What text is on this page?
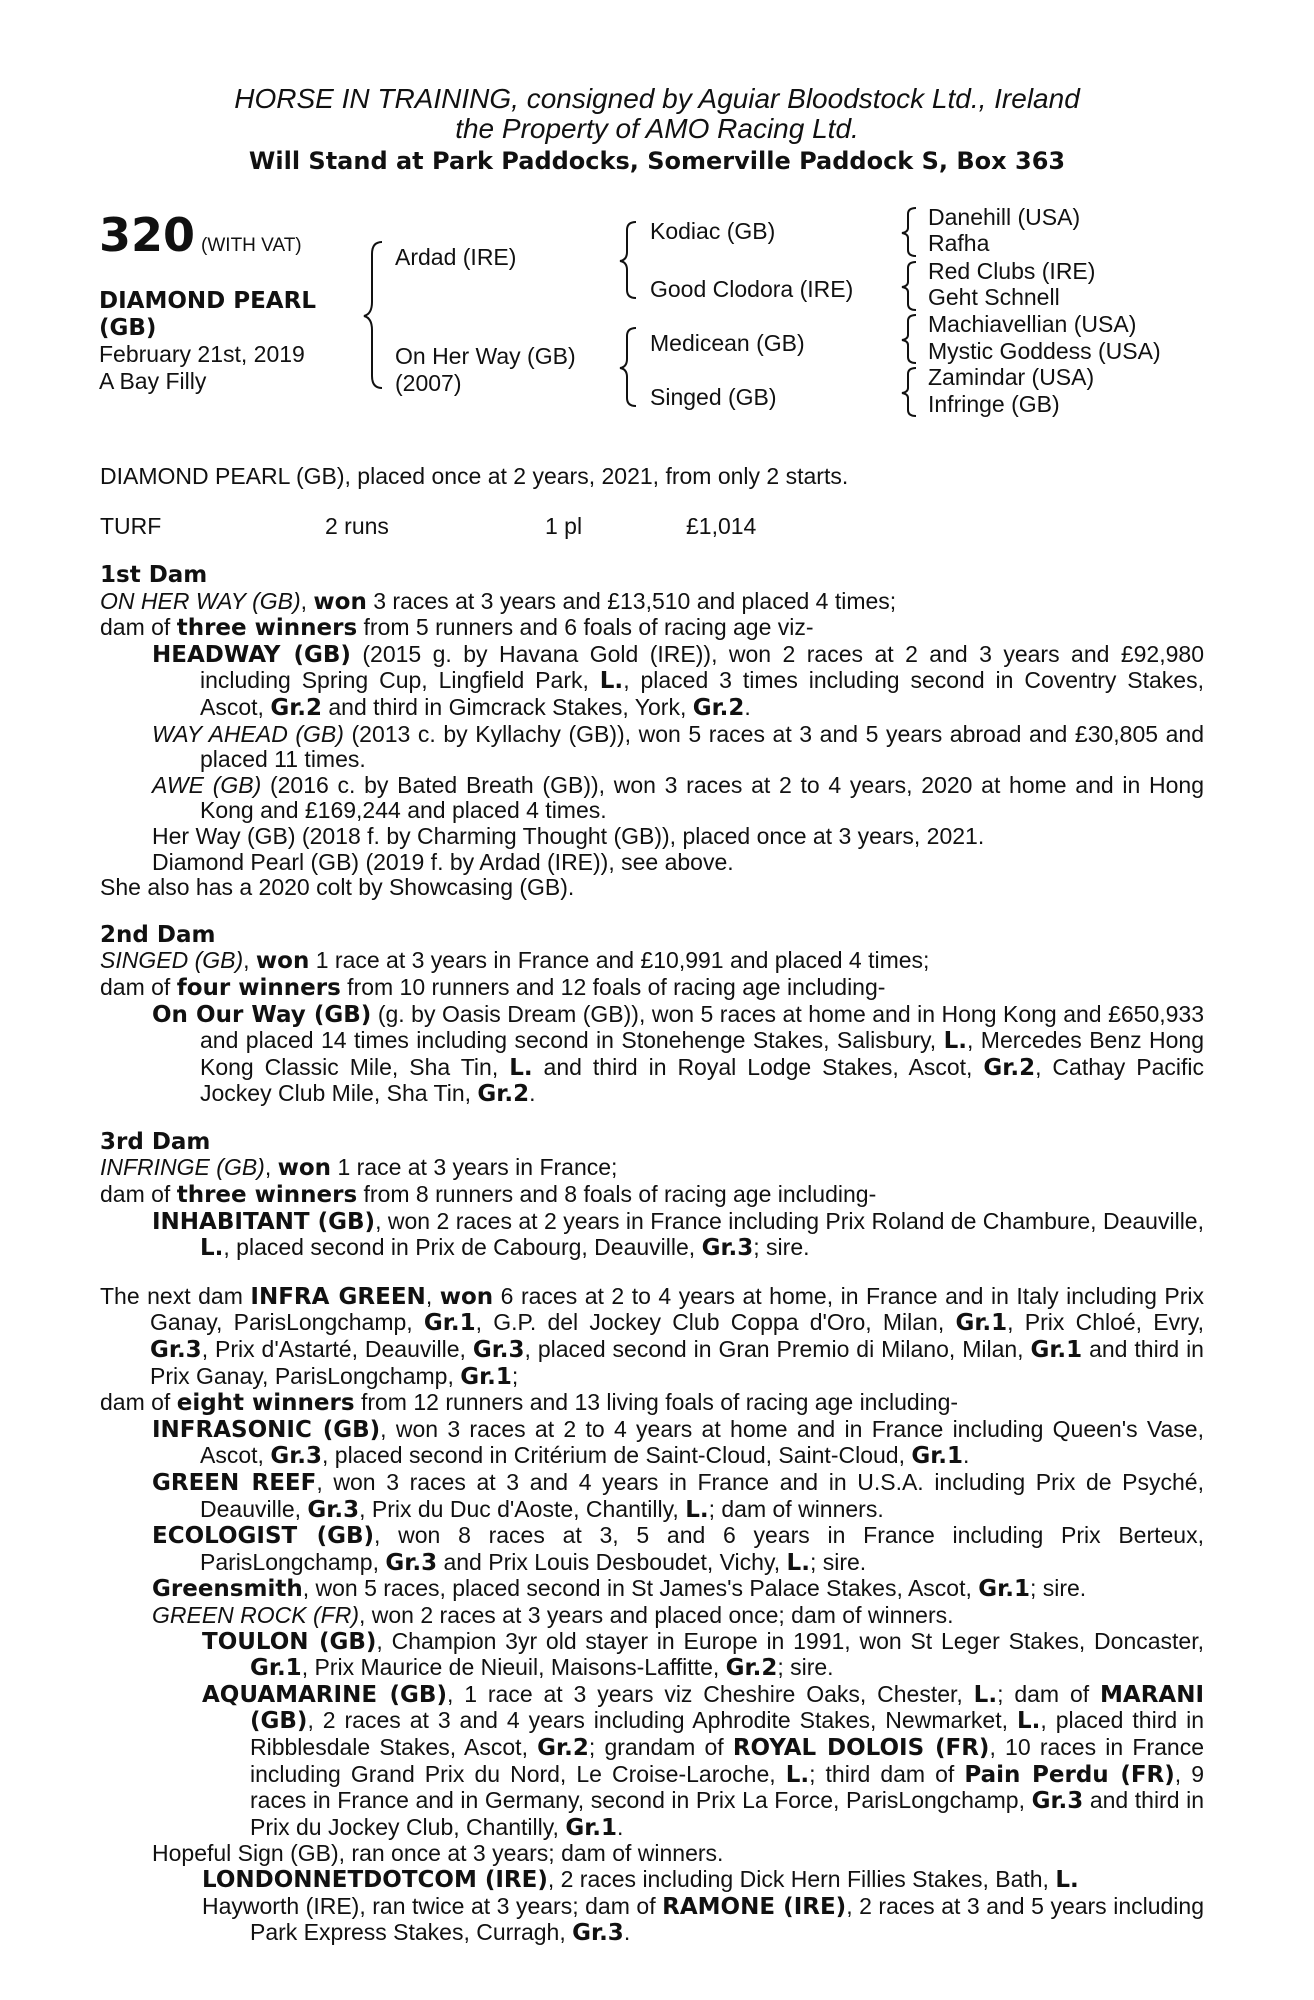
HORSE IN TRAINING, consigned by Aguiar Bloodstock Ltd., Ireland
the Property of AMO Racing Ltd.
Will Stand at Park Paddocks, Somerville Paddock S, Box 363
320 (WITH VAT)
DIAMOND PEARL
(GB)
February 21st, 2019
A Bay Filly
Ardad (IRE)
On Her Way (GB)
(2007)
Kodiac (GB)
Good Clodora (IRE)
Medicean (GB)
Singed (GB)
Danehill (USA)
Rafha
Red Clubs (IRE)
Geht Schnell
Machiavellian (USA)
Mystic Goddess (USA)
Zamindar (USA)
Infringe (GB)
DIAMOND PEARL (GB), placed once at 2 years, 2021, from only 2 starts.
TURF	2 runs	1 pl	£1,014
1st Dam
ON HER WAY (GB), won 3 races at 3 years and £13,510 and placed 4 times;
dam of three winners from 5 runners and 6 foals of racing age viz-
HEADWAY (GB) (2015 g. by Havana Gold (IRE)), won 2 races at 2 and 3 years and £92,980 including Spring Cup, Lingfield Park, L., placed 3 times including second in Coventry Stakes, Ascot, Gr.2 and third in Gimcrack Stakes, York, Gr.2.
WAY AHEAD (GB) (2013 c. by Kyllachy (GB)), won 5 races at 3 and 5 years abroad and £30,805 and placed 11 times.
AWE (GB) (2016 c. by Bated Breath (GB)), won 3 races at 2 to 4 years, 2020 at home and in Hong Kong and £169,244 and placed 4 times.
Her Way (GB) (2018 f. by Charming Thought (GB)), placed once at 3 years, 2021.
Diamond Pearl (GB) (2019 f. by Ardad (IRE)), see above.
She also has a 2020 colt by Showcasing (GB).
2nd Dam
SINGED (GB), won 1 race at 3 years in France and £10,991 and placed 4 times;
dam of four winners from 10 runners and 12 foals of racing age including-
On Our Way (GB) (g. by Oasis Dream (GB)), won 5 races at home and in Hong Kong and £650,933 and placed 14 times including second in Stonehenge Stakes, Salisbury, L., Mercedes Benz Hong Kong Classic Mile, Sha Tin, L. and third in Royal Lodge Stakes, Ascot, Gr.2, Cathay Pacific Jockey Club Mile, Sha Tin, Gr.2.
3rd Dam
INFRINGE (GB), won 1 race at 3 years in France;
dam of three winners from 8 runners and 8 foals of racing age including-
INHABITANT (GB), won 2 races at 2 years in France including Prix Roland de Chambure, Deauville, L., placed second in Prix de Cabourg, Deauville, Gr.3; sire.
The next dam INFRA GREEN, won 6 races at 2 to 4 years at home, in France and in Italy including Prix Ganay, ParisLongchamp, Gr.1, G.P. del Jockey Club Coppa d'Oro, Milan, Gr.1, Prix Chloé, Evry, Gr.3, Prix d'Astarté, Deauville, Gr.3, placed second in Gran Premio di Milano, Milan, Gr.1 and third in Prix Ganay, ParisLongchamp, Gr.1;
dam of eight winners from 12 runners and 13 living foals of racing age including-
INFRASONIC (GB), won 3 races at 2 to 4 years at home and in France including Queen's Vase, Ascot, Gr.3, placed second in Critérium de Saint-Cloud, Saint-Cloud, Gr.1.
GREEN REEF, won 3 races at 3 and 4 years in France and in U.S.A. including Prix de Psyché, Deauville, Gr.3, Prix du Duc d'Aoste, Chantilly, L.; dam of winners.
ECOLOGIST (GB), won 8 races at 3, 5 and 6 years in France including Prix Berteux, ParisLongchamp, Gr.3 and Prix Louis Desboudet, Vichy, L.; sire.
Greensmith, won 5 races, placed second in St James's Palace Stakes, Ascot, Gr.1; sire.
GREEN ROCK (FR), won 2 races at 3 years and placed once; dam of winners.
TOULON (GB), Champion 3yr old stayer in Europe in 1991, won St Leger Stakes, Doncaster, Gr.1, Prix Maurice de Nieuil, Maisons-Laffitte, Gr.2; sire.
AQUAMARINE (GB), 1 race at 3 years viz Cheshire Oaks, Chester, L.; dam of MARANI (GB), 2 races at 3 and 4 years including Aphrodite Stakes, Newmarket, L., placed third in Ribblesdale Stakes, Ascot, Gr.2; grandam of ROYAL DOLOIS (FR), 10 races in France including Grand Prix du Nord, Le Croise-Laroche, L.; third dam of Pain Perdu (FR), 9 races in France and in Germany, second in Prix La Force, ParisLongchamp, Gr.3 and third in Prix du Jockey Club, Chantilly, Gr.1.
Hopeful Sign (GB), ran once at 3 years; dam of winners.
LONDONNETDOTCOM (IRE), 2 races including Dick Hern Fillies Stakes, Bath, L.
Hayworth (IRE), ran twice at 3 years; dam of RAMONE (IRE), 2 races at 3 and 5 years including Park Express Stakes, Curragh, Gr.3.
